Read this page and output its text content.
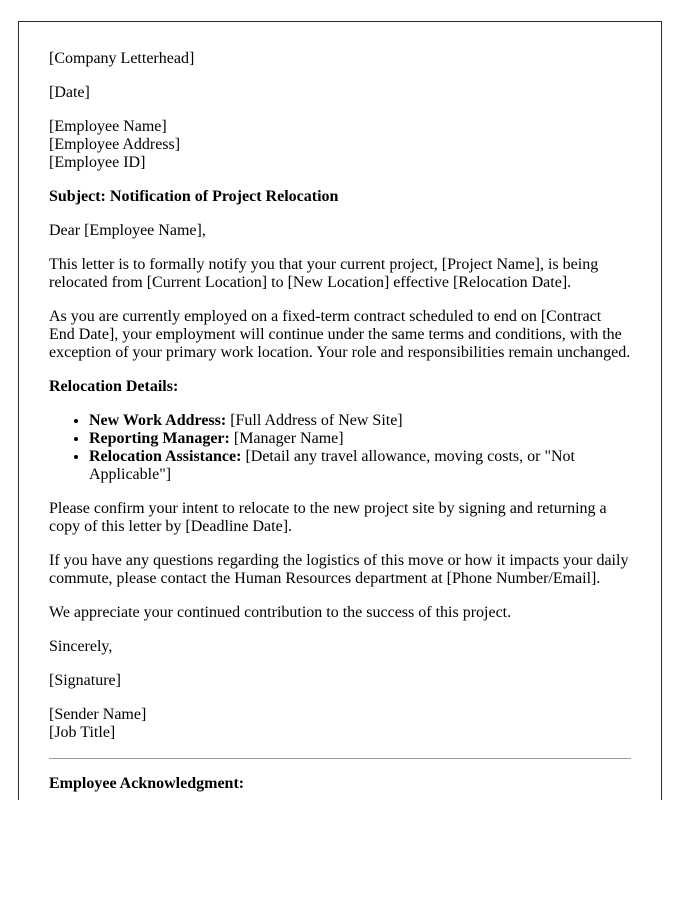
[Company Letterhead]

[Date]

[Employee Name]
[Employee Address]
[Employee ID]

Subject: Notification of Project Relocation

Dear [Employee Name],

This letter is to formally notify you that your current project, [Project Name], is being relocated from [Current Location] to [New Location] effective [Relocation Date].

As you are currently employed on a fixed-term contract scheduled to end on [Contract End Date], your employment will continue under the same terms and conditions, with the exception of your primary work location. Your role and responsibilities remain unchanged.

Relocation Details:

• New Work Address: [Full Address of New Site]
• Reporting Manager: [Manager Name]
• Relocation Assistance: [Detail any travel allowance, moving costs, or "Not Applicable"]

Please confirm your intent to relocate to the new project site by signing and returning a copy of this letter by [Deadline Date].

If you have any questions regarding the logistics of this move or how it impacts your daily commute, please contact the Human Resources department at [Phone Number/Email].

We appreciate your continued contribution to the success of this project.

Sincerely,

[Signature]

[Sender Name]
[Job Title]

Employee Acknowledgment:
